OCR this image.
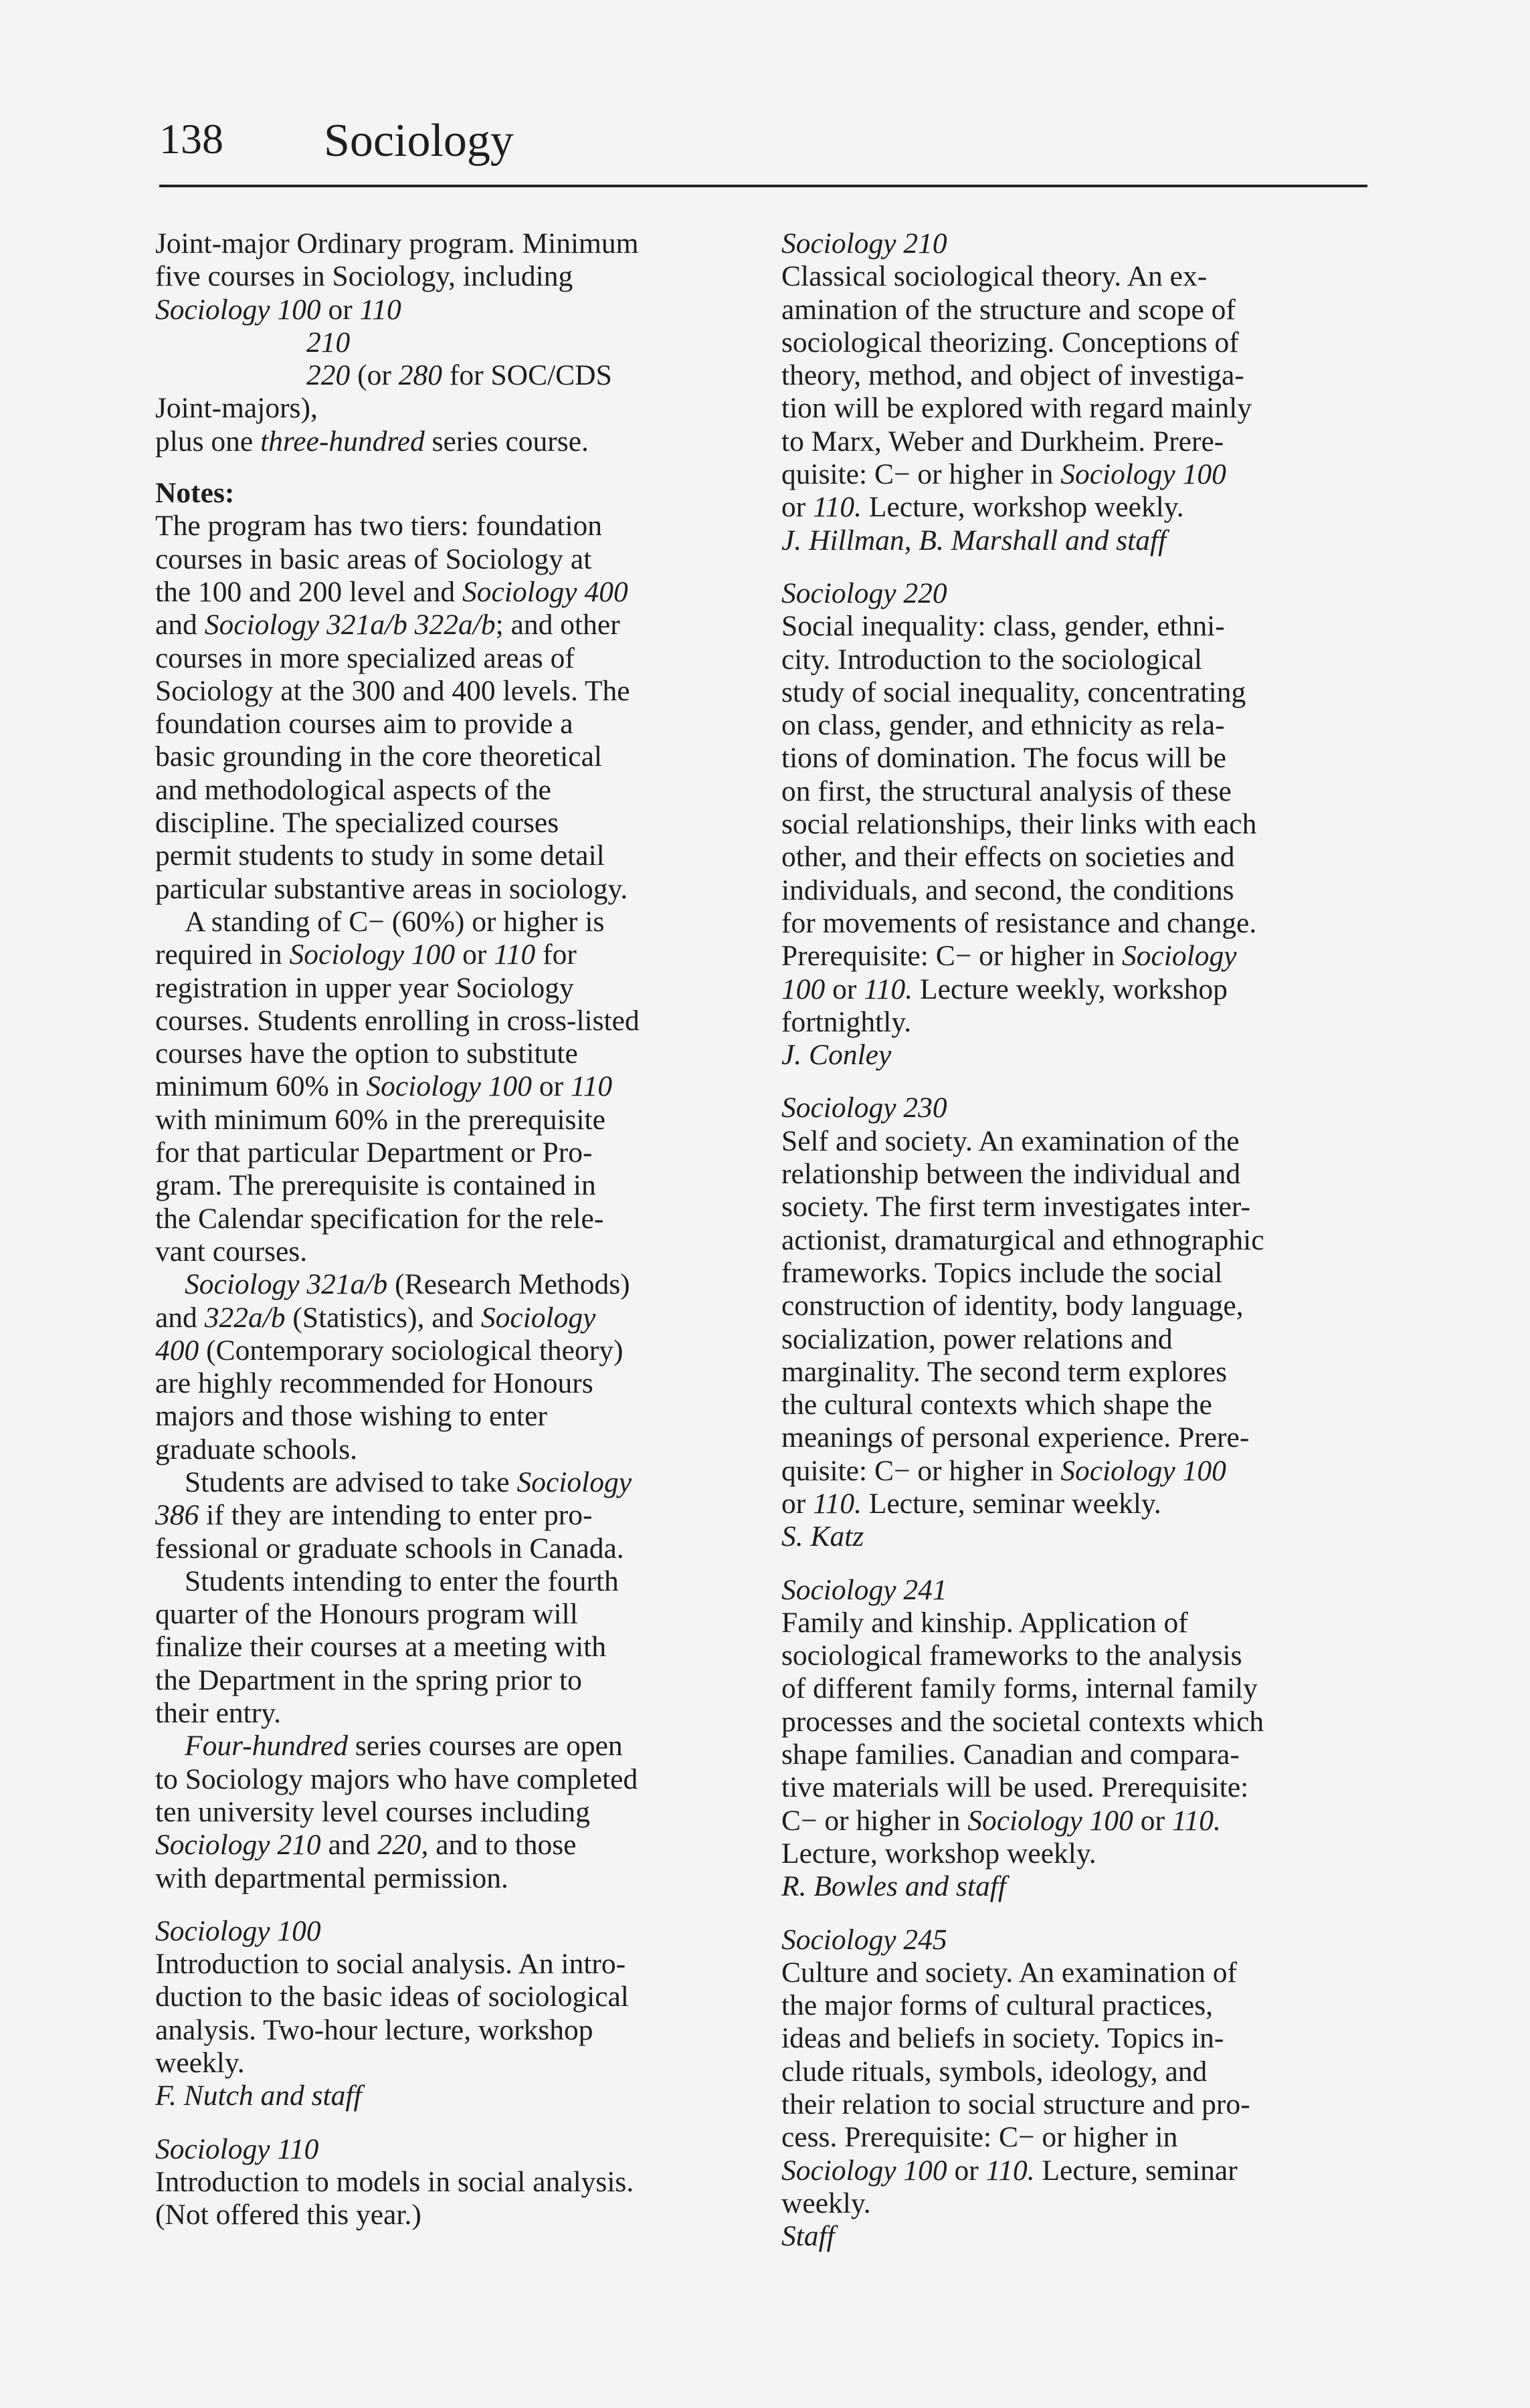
138 Sociology
Joint-major Ordinary program. Minimum
five courses in Sociology, including
Sociology 100 or 110
210
220 (or 280 for SOC/CDS
Joint-majors),
plus one three-hundred series course.
Notes:
The program has two tiers: foundation
courses in basic areas of Sociology at
the 100 and 200 level and Sociology 400
and Sociology 321a/b 322a/b; and other
courses in more specialized areas of
Sociology at the 300 and 400 levels. The
foundation courses aim to provide a
basic grounding in the core theoretical
and methodological aspects of the
discipline. The specialized courses
permit students to study in some detail
particular substantive areas in sociology.
A standing of C− (60%) or higher is
required in Sociology 100 or 110 for
registration in upper year Sociology
courses. Students enrolling in cross-listed
courses have the option to substitute
minimum 60% in Sociology 100 or 110
with minimum 60% in the prerequisite
for that particular Department or Pro-
gram. The prerequisite is contained in
the Calendar specification for the rele-
vant courses.
Sociology 321a/b (Research Methods)
and 322a/b (Statistics), and Sociology
400 (Contemporary sociological theory)
are highly recommended for Honours
majors and those wishing to enter
graduate schools.
Students are advised to take Sociology
386 if they are intending to enter pro-
fessional or graduate schools in Canada.
Students intending to enter the fourth
quarter of the Honours program will
finalize their courses at a meeting with
the Department in the spring prior to
their entry.
Four-hundred series courses are open
to Sociology majors who have completed
ten university level courses including
Sociology 210 and 220, and to those
with departmental permission.
Sociology 100
Introduction to social analysis. An intro-
duction to the basic ideas of sociological
analysis. Two-hour lecture, workshop
weekly.
F. Nutch and staff
Sociology 110
Introduction to models in social analysis.
(Not offered this year.)
Sociology 210
Classical sociological theory. An ex-
amination of the structure and scope of
sociological theorizing. Conceptions of
theory, method, and object of investiga-
tion will be explored with regard mainly
to Marx, Weber and Durkheim. Prere-
quisite: C− or higher in Sociology 100
or 110. Lecture, workshop weekly.
J. Hillman, B. Marshall and staff
Sociology 220
Social inequality: class, gender, ethni-
city. Introduction to the sociological
study of social inequality, concentrating
on class, gender, and ethnicity as rela-
tions of domination. The focus will be
on first, the structural analysis of these
social relationships, their links with each
other, and their effects on societies and
individuals, and second, the conditions
for movements of resistance and change.
Prerequisite: C− or higher in Sociology
100 or 110. Lecture weekly, workshop
fortnightly.
J. Conley
Sociology 230
Self and society. An examination of the
relationship between the individual and
society. The first term investigates inter-
actionist, dramaturgical and ethnographic
frameworks. Topics include the social
construction of identity, body language,
socialization, power relations and
marginality. The second term explores
the cultural contexts which shape the
meanings of personal experience. Prere-
quisite: C− or higher in Sociology 100
or 110. Lecture, seminar weekly.
S. Katz
Sociology 241
Family and kinship. Application of
sociological frameworks to the analysis
of different family forms, internal family
processes and the societal contexts which
shape families. Canadian and compara-
tive materials will be used. Prerequisite:
C− or higher in Sociology 100 or 110.
Lecture, workshop weekly.
R. Bowles and staff
Sociology 245
Culture and society. An examination of
the major forms of cultural practices,
ideas and beliefs in society. Topics in-
clude rituals, symbols, ideology, and
their relation to social structure and pro-
cess. Prerequisite: C− or higher in
Sociology 100 or 110. Lecture, seminar
weekly.
Staff
